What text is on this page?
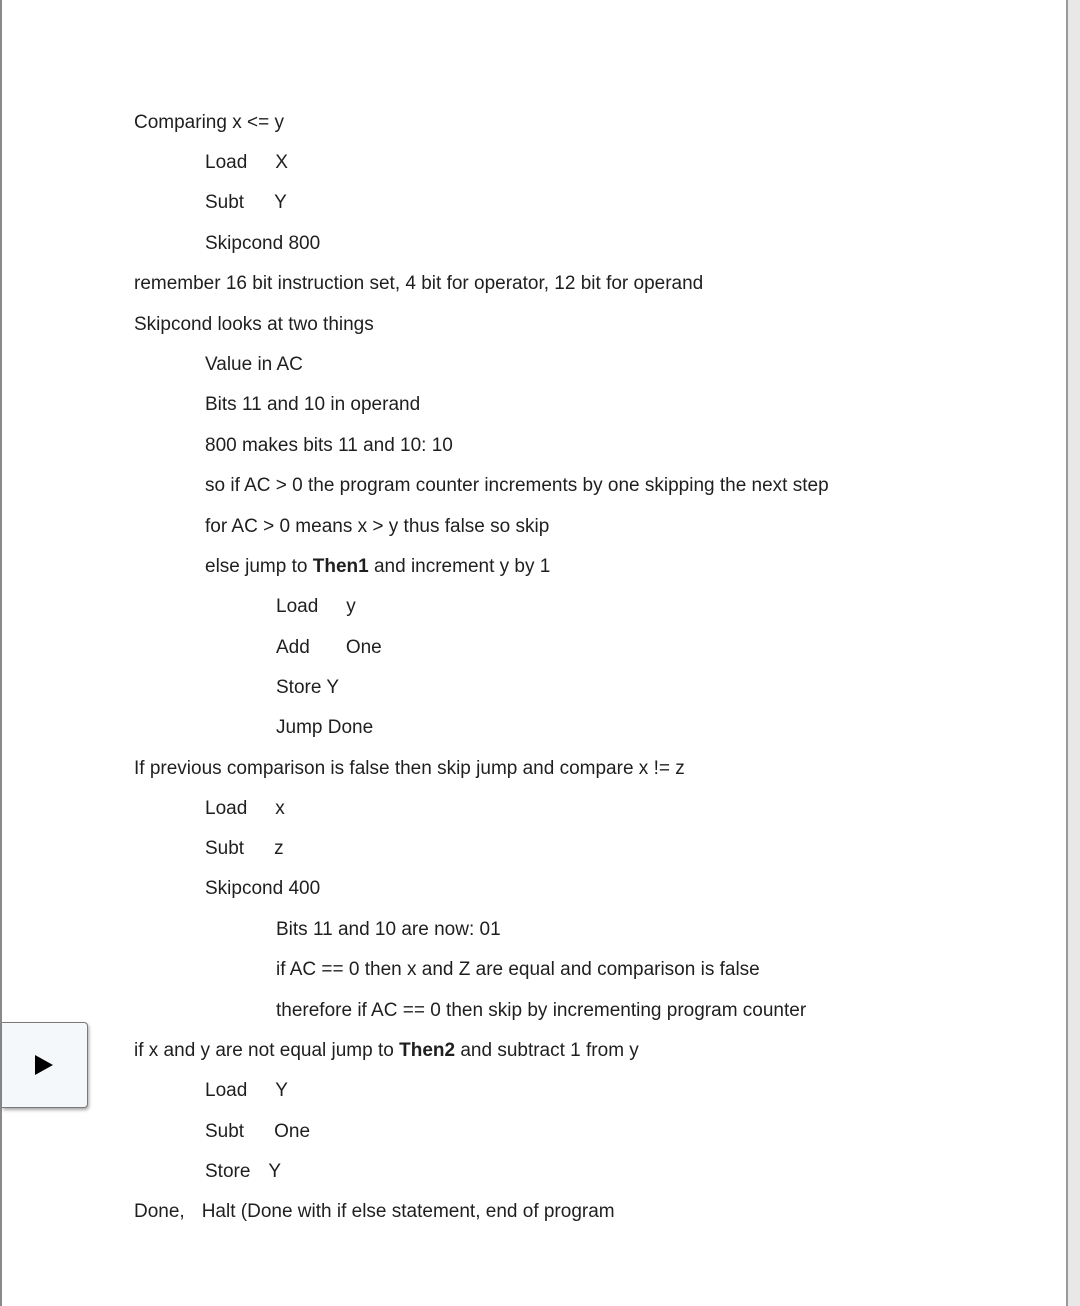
Comparing x <= y
Load X
Subt Y
Skipcond 800
remember 16 bit instruction set, 4 bit for operator, 12 bit for operand
Skipcond looks at two things
Value in AC
Bits 11 and 10 in operand
800 makes bits 11 and 10: 10
so if AC > 0 the program counter increments by one skipping the next step
for AC > 0 means x > y thus false so skip
else jump to Then1 and increment y by 1
Load y
Add One
Store Y
Jump Done
If previous comparison is false then skip jump and compare x != z
Load x
Subt z
Skipcond 400
Bits 11 and 10 are now: 01
if AC == 0 then x and Z are equal and comparison is false
therefore if AC == 0 then skip by incrementing program counter
if x and y are not equal jump to Then2 and subtract 1 from y
Load Y
Subt One
Store Y
Done, Halt (Done with if else statement, end of program
